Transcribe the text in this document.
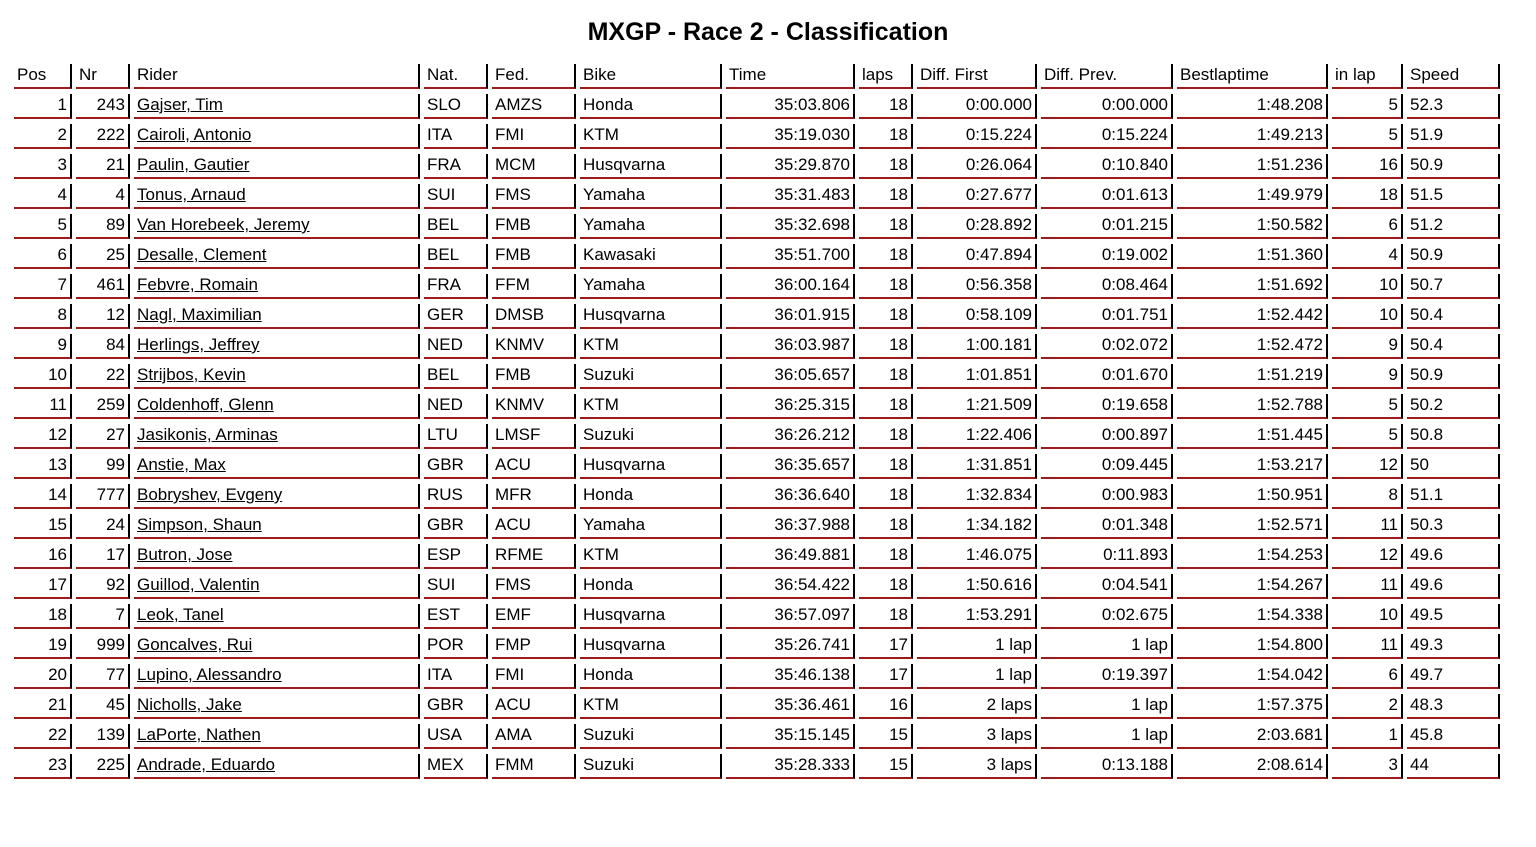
MXGP - Race 2 - Classification
Pos	Nr	Rider	Nat.	Fed.	Bike	Time	laps	Diff. First	Diff. Prev.	Bestlaptime	in lap	Speed
1	243	Gajser, Tim	SLO	AMZS	Honda	35:03.806	18	0:00.000	0:00.000	1:48.208	5	52.3
2	222	Cairoli, Antonio	ITA	FMI	KTM	35:19.030	18	0:15.224	0:15.224	1:49.213	5	51.9
3	21	Paulin, Gautier	FRA	MCM	Husqvarna	35:29.870	18	0:26.064	0:10.840	1:51.236	16	50.9
4	4	Tonus, Arnaud	SUI	FMS	Yamaha	35:31.483	18	0:27.677	0:01.613	1:49.979	18	51.5
5	89	Van Horebeek, Jeremy	BEL	FMB	Yamaha	35:32.698	18	0:28.892	0:01.215	1:50.582	6	51.2
6	25	Desalle, Clement	BEL	FMB	Kawasaki	35:51.700	18	0:47.894	0:19.002	1:51.360	4	50.9
7	461	Febvre, Romain	FRA	FFM	Yamaha	36:00.164	18	0:56.358	0:08.464	1:51.692	10	50.7
8	12	Nagl, Maximilian	GER	DMSB	Husqvarna	36:01.915	18	0:58.109	0:01.751	1:52.442	10	50.4
9	84	Herlings, Jeffrey	NED	KNMV	KTM	36:03.987	18	1:00.181	0:02.072	1:52.472	9	50.4
10	22	Strijbos, Kevin	BEL	FMB	Suzuki	36:05.657	18	1:01.851	0:01.670	1:51.219	9	50.9
11	259	Coldenhoff, Glenn	NED	KNMV	KTM	36:25.315	18	1:21.509	0:19.658	1:52.788	5	50.2
12	27	Jasikonis, Arminas	LTU	LMSF	Suzuki	36:26.212	18	1:22.406	0:00.897	1:51.445	5	50.8
13	99	Anstie, Max	GBR	ACU	Husqvarna	36:35.657	18	1:31.851	0:09.445	1:53.217	12	50
14	777	Bobryshev, Evgeny	RUS	MFR	Honda	36:36.640	18	1:32.834	0:00.983	1:50.951	8	51.1
15	24	Simpson, Shaun	GBR	ACU	Yamaha	36:37.988	18	1:34.182	0:01.348	1:52.571	11	50.3
16	17	Butron, Jose	ESP	RFME	KTM	36:49.881	18	1:46.075	0:11.893	1:54.253	12	49.6
17	92	Guillod, Valentin	SUI	FMS	Honda	36:54.422	18	1:50.616	0:04.541	1:54.267	11	49.6
18	7	Leok, Tanel	EST	EMF	Husqvarna	36:57.097	18	1:53.291	0:02.675	1:54.338	10	49.5
19	999	Goncalves, Rui	POR	FMP	Husqvarna	35:26.741	17	1 lap	1 lap	1:54.800	11	49.3
20	77	Lupino, Alessandro	ITA	FMI	Honda	35:46.138	17	1 lap	0:19.397	1:54.042	6	49.7
21	45	Nicholls, Jake	GBR	ACU	KTM	35:36.461	16	2 laps	1 lap	1:57.375	2	48.3
22	139	LaPorte, Nathen	USA	AMA	Suzuki	35:15.145	15	3 laps	1 lap	2:03.681	1	45.8
23	225	Andrade, Eduardo	MEX	FMM	Suzuki	35:28.333	15	3 laps	0:13.188	2:08.614	3	44
